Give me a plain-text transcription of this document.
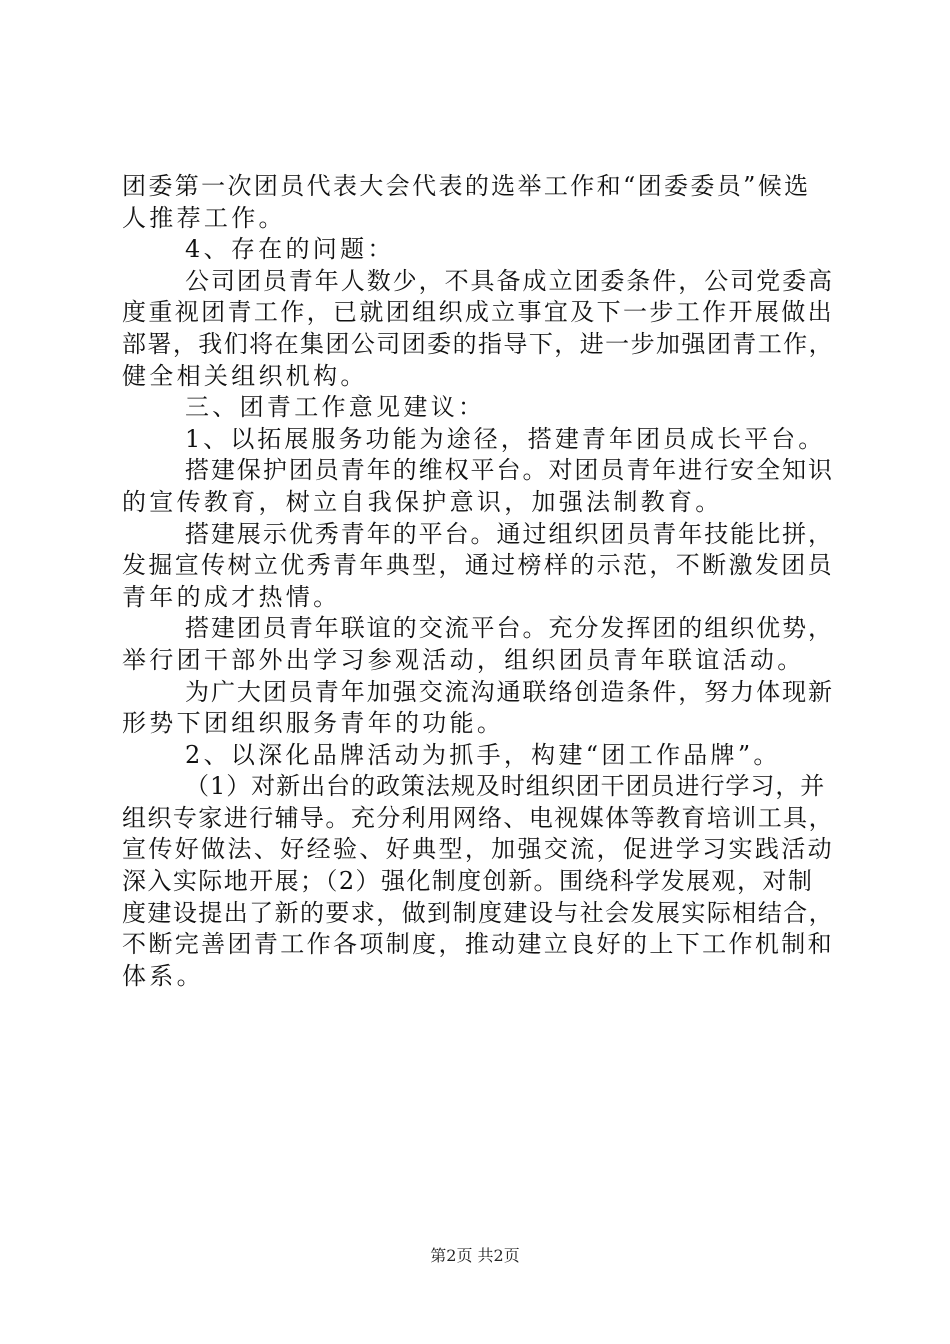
团委第一次团员代表大会代表的选举工作和“团委委员”候选
人推荐工作。
4、存在的问题：
公司团员青年人数少，不具备成立团委条件，公司党委高
度重视团青工作，已就团组织成立事宜及下一步工作开展做出
部署，我们将在集团公司团委的指导下，进一步加强团青工作，
健全相关组织机构。
三、团青工作意见建议：
1、以拓展服务功能为途径，搭建青年团员成长平台。
搭建保护团员青年的维权平台。对团员青年进行安全知识
的宣传教育，树立自我保护意识，加强法制教育。
搭建展示优秀青年的平台。通过组织团员青年技能比拼，
发掘宣传树立优秀青年典型，通过榜样的示范，不断激发团员
青年的成才热情。
搭建团员青年联谊的交流平台。充分发挥团的组织优势，
举行团干部外出学习参观活动，组织团员青年联谊活动。
为广大团员青年加强交流沟通联络创造条件，努力体现新
形势下团组织服务青年的功能。
2、以深化品牌活动为抓手，构建“团工作品牌”。
（1）对新出台的政策法规及时组织团干团员进行学习，并
组织专家进行辅导。充分利用网络、电视媒体等教育培训工具，
宣传好做法、好经验、好典型，加强交流，促进学习实践活动
深入实际地开展；（2）强化制度创新。围绕科学发展观，对制
度建设提出了新的要求，做到制度建设与社会发展实际相结合，
不断完善团青工作各项制度，推动建立良好的上下工作机制和
体系。
第2页 共2页
